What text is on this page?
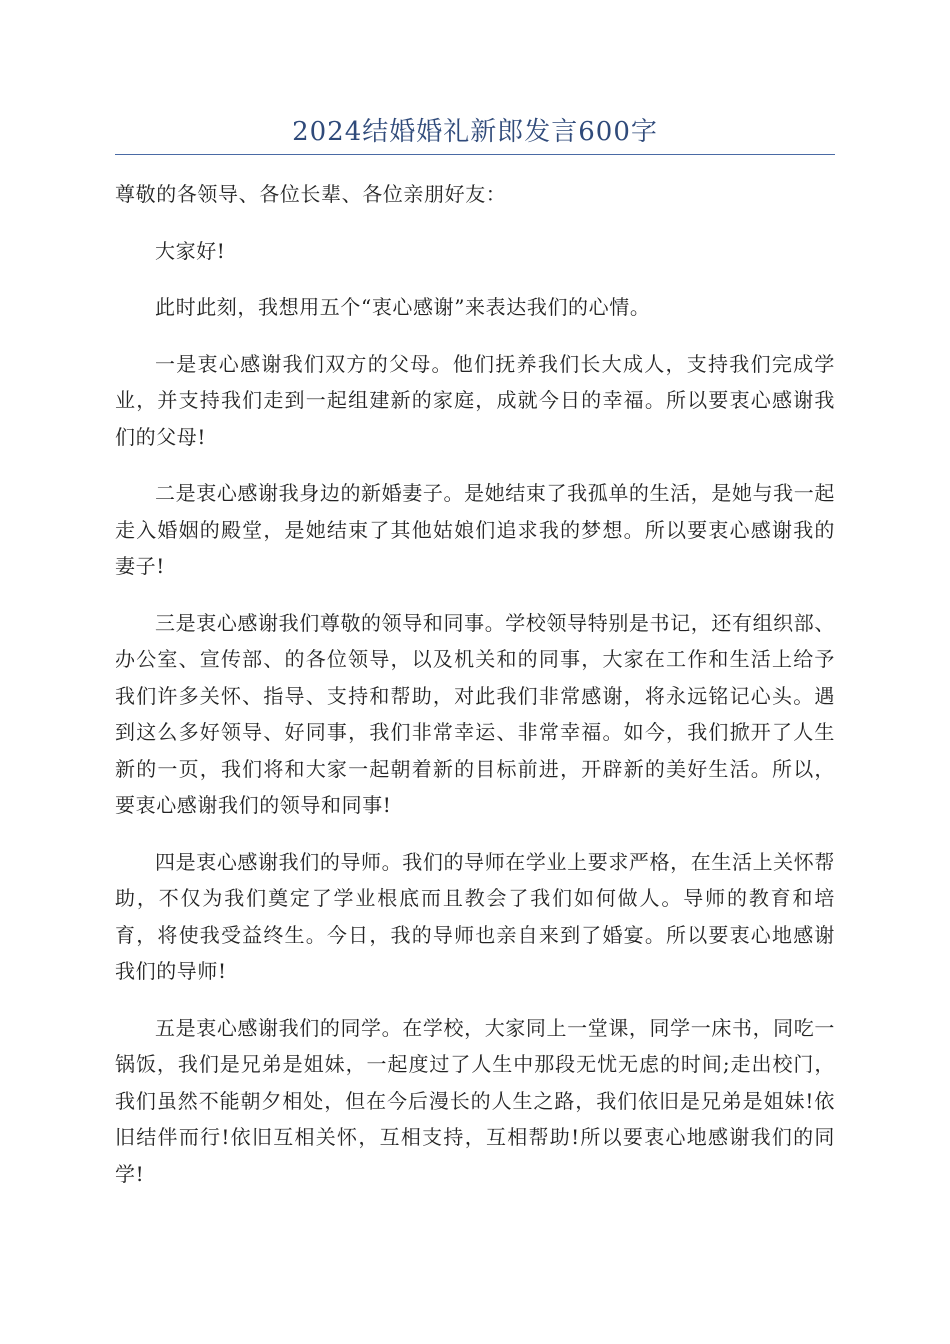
2024结婚婚礼新郎发言600字

尊敬的各领导、各位长辈、各位亲朋好友：

大家好!

此时此刻，我想用五个“衷心感谢”来表达我们的心情。

一是衷心感谢我们双方的父母。他们抚养我们长大成人，支持我们完成学业，并支持我们走到一起组建新的家庭，成就今日的幸福。所以要衷心感谢我们的父母!

二是衷心感谢我身边的新婚妻子。是她结束了我孤单的生活，是她与我一起走入婚姻的殿堂，是她结束了其他姑娘们追求我的梦想。所以要衷心感谢我的妻子!

三是衷心感谢我们尊敬的领导和同事。学校领导特别是书记，还有组织部、办公室、宣传部、的各位领导，以及机关和的同事，大家在工作和生活上给予我们许多关怀、指导、支持和帮助，对此我们非常感谢，将永远铭记心头。遇到这么多好领导、好同事，我们非常幸运、非常幸福。如今，我们掀开了人生新的一页，我们将和大家一起朝着新的目标前进，开辟新的美好生活。所以，要衷心感谢我们的领导和同事!

四是衷心感谢我们的导师。我们的导师在学业上要求严格，在生活上关怀帮助，不仅为我们奠定了学业根底而且教会了我们如何做人。导师的教育和培育，将使我受益终生。今日，我的导师也亲自来到了婚宴。所以要衷心地感谢我们的导师!

五是衷心感谢我们的同学。在学校，大家同上一堂课，同学一床书，同吃一锅饭，我们是兄弟是姐妹，一起度过了人生中那段无忧无虑的时间;走出校门，我们虽然不能朝夕相处，但在今后漫长的人生之路，我们依旧是兄弟是姐妹!依旧结伴而行!依旧互相关怀，互相支持，互相帮助!所以要衷心地感谢我们的同学!
